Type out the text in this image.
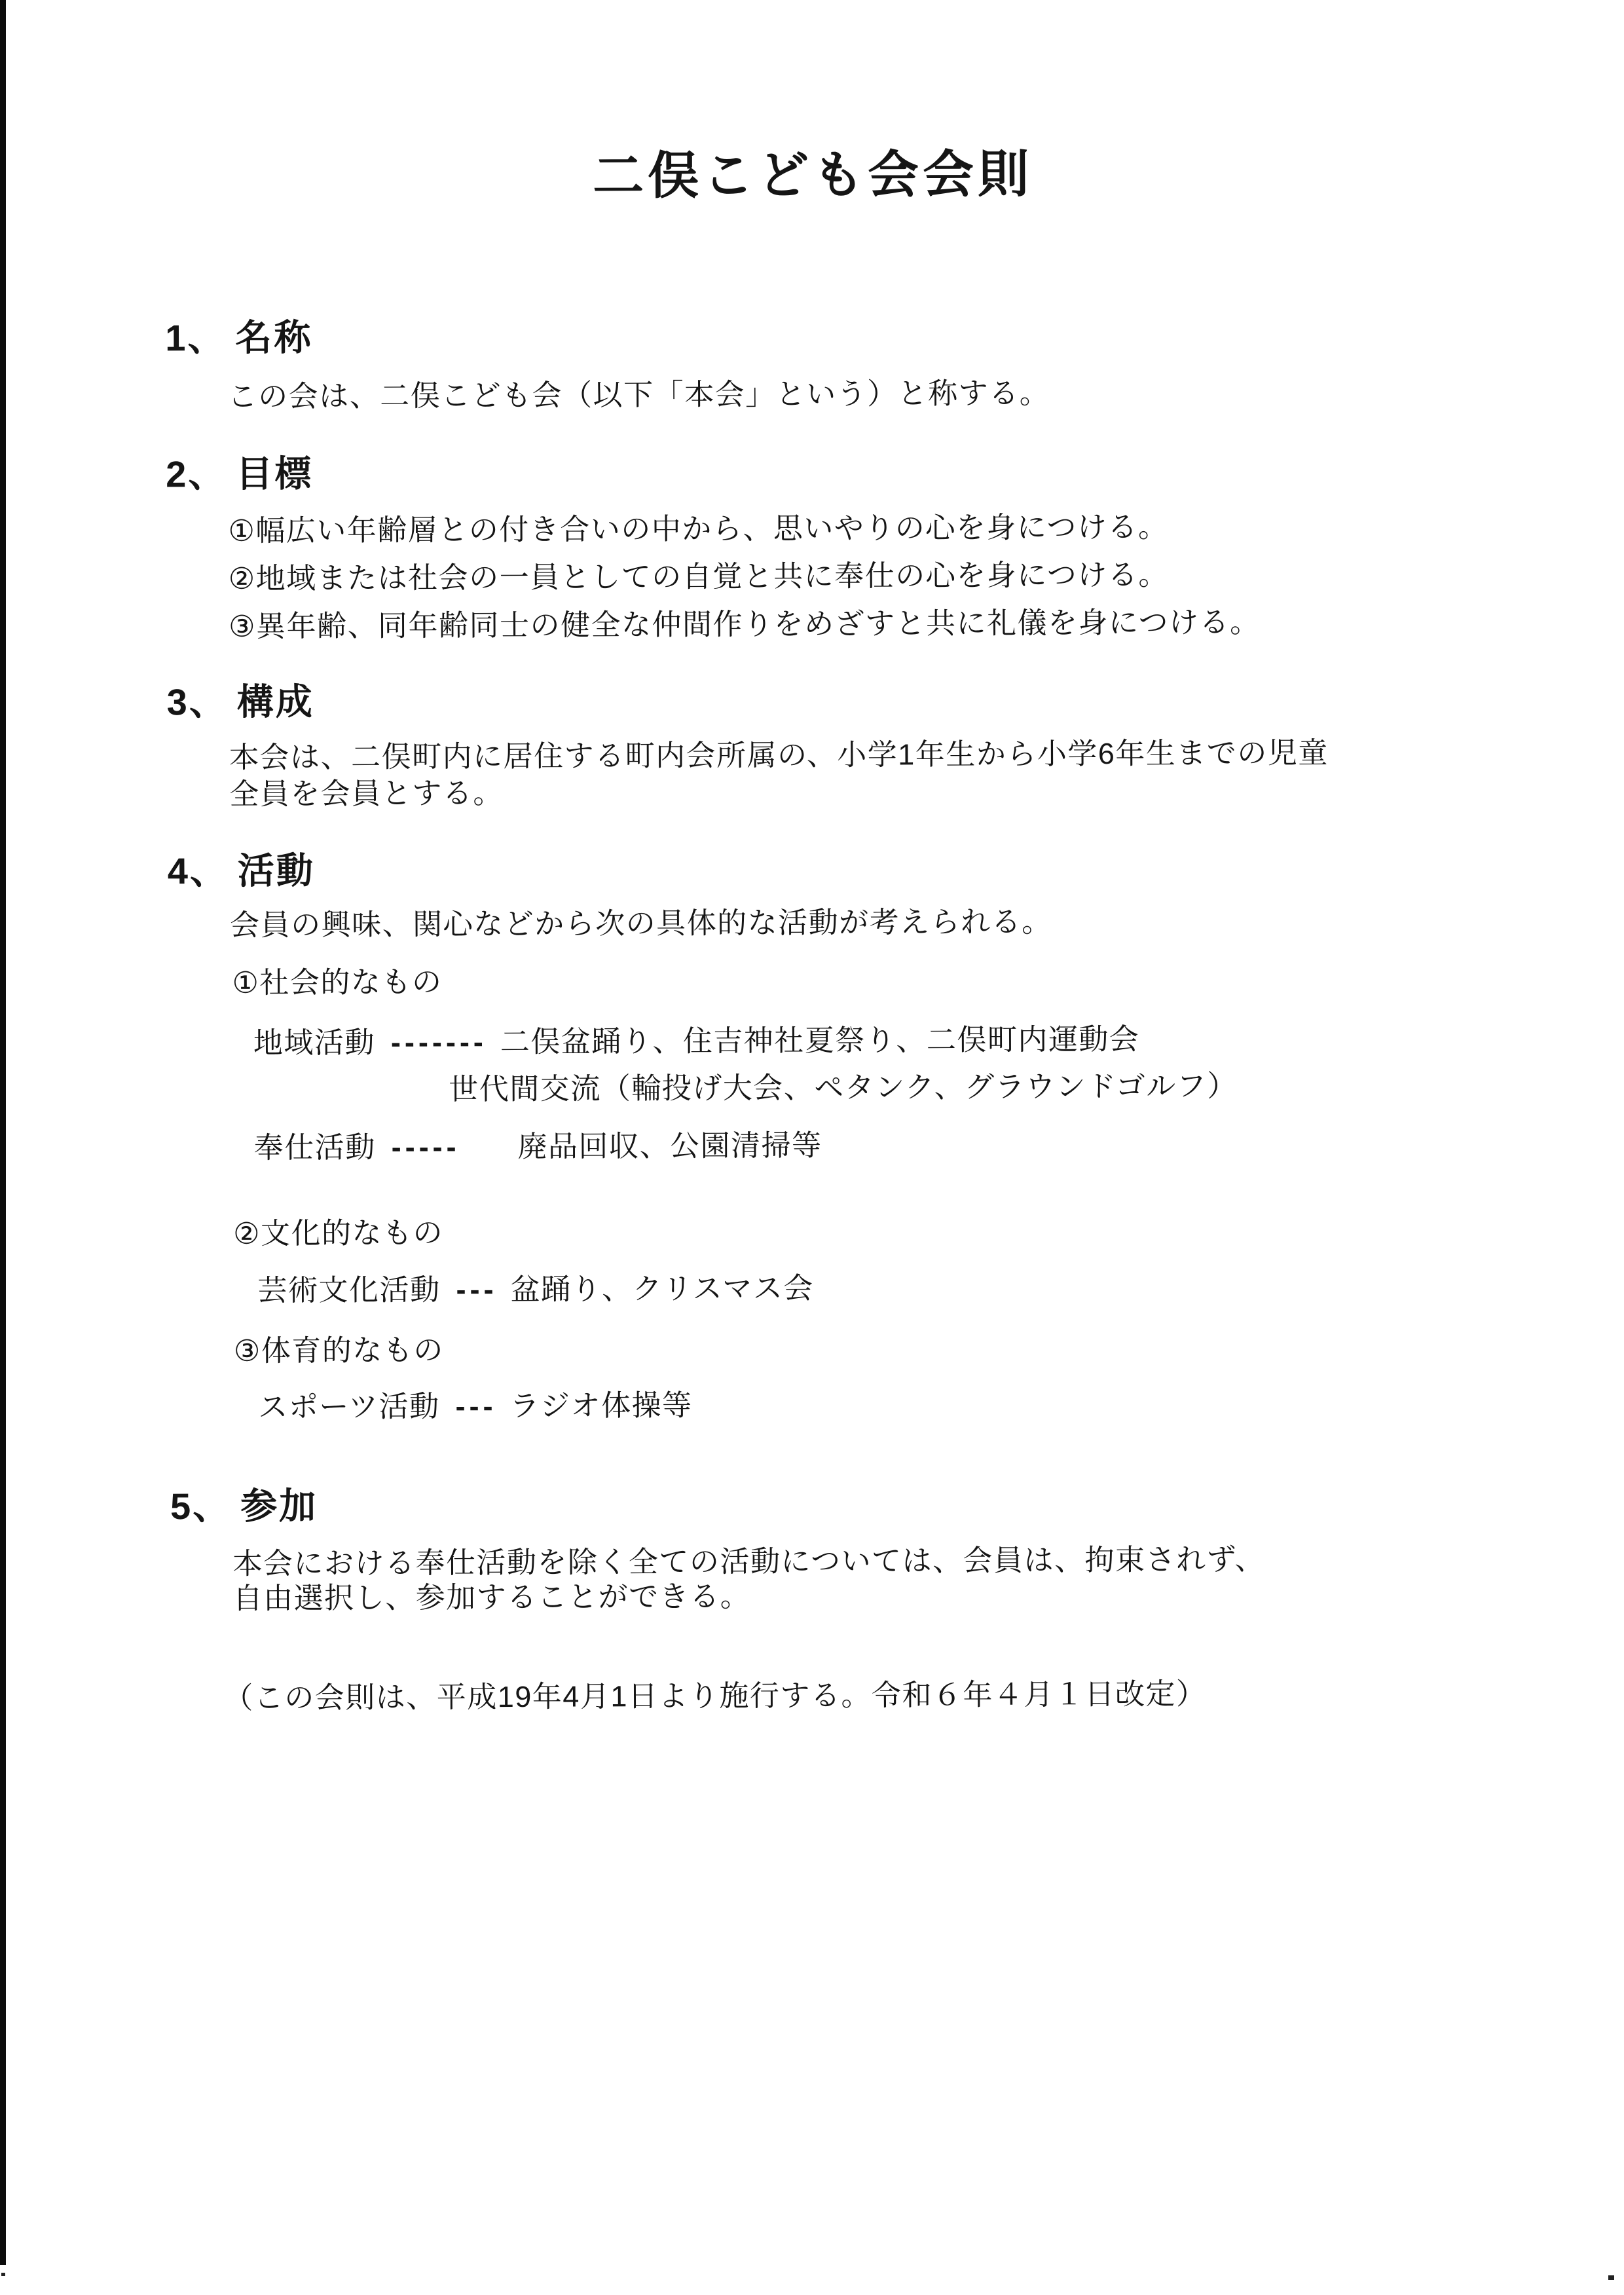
二俣こども会会則
1、 名称
この会は、二俣こども会（以下「本会」という）と称する。
2、 目標
①幅広い年齢層との付き合いの中から、思いやりの心を身につける。
②地域または社会の一員としての自覚と共に奉仕の心を身につける。
③異年齢、同年齢同士の健全な仲間作りをめざすと共に礼儀を身につける。
3、 構成
本会は、二俣町内に居住する町内会所属の、小学1年生から小学6年生までの児童
全員を会員とする。
4、 活動
会員の興味、関心などから次の具体的な活動が考えられる。
①社会的なもの
地域活動 ------- 二俣盆踊り、住吉神社夏祭り、二俣町内運動会
世代間交流（輪投げ大会、ペタンク、グラウンドゴルフ）
奉仕活動 ----- 廃品回収、公園清掃等
②文化的なもの
芸術文化活動 --- 盆踊り、クリスマス会
③体育的なもの
スポーツ活動 --- ラジオ体操等
5、 参加
本会における奉仕活動を除く全ての活動については、会員は、拘束されず、
自由選択し、参加することができる。
（この会則は、平成19年4月1日より施行する。令和６年４月１日改定）
